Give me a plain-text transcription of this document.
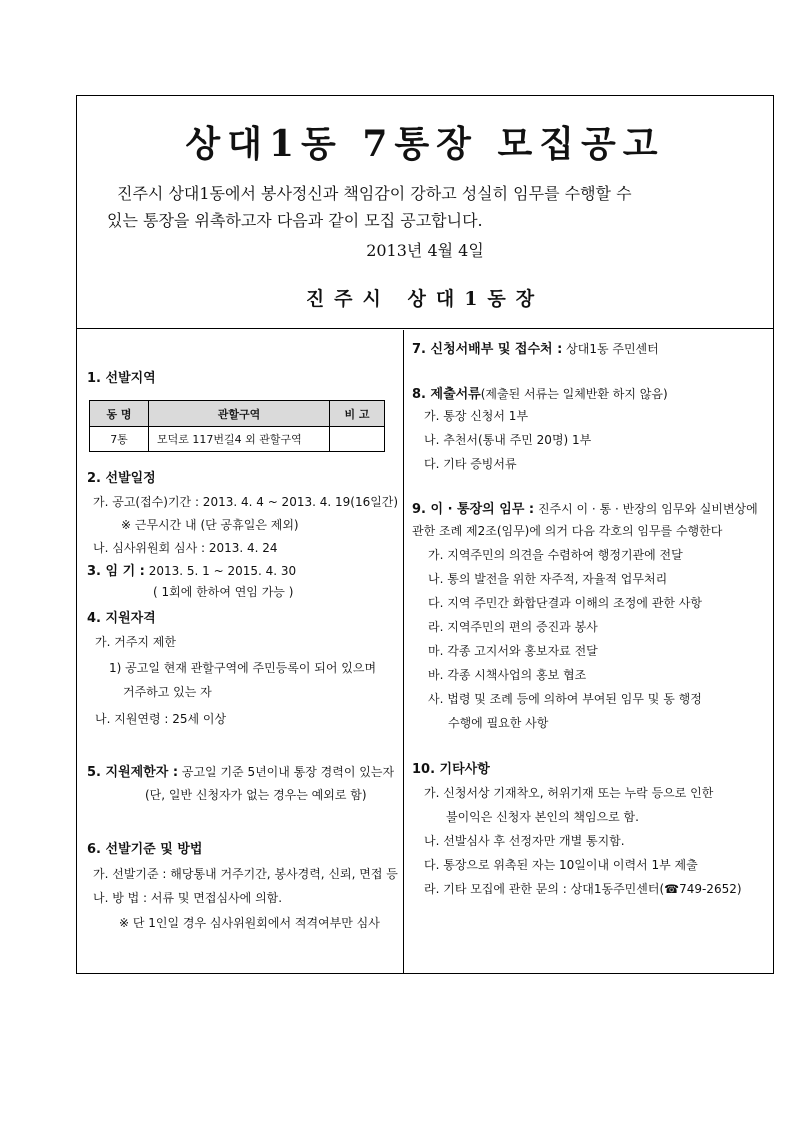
상대1동 7통장 모집공고
진주시 상대1동에서 봉사정신과 책임감이 강하고 성실히 임무를 수행할 수
있는 통장을 위촉하고자 다음과 같이 모집 공고합니다.
2013년 4월 4일
진주시 상대1동장
1. 선발지역
동 명	관할구역	비 고
7통	모덕로 117번길4 외 관할구역	
2. 선발일정
가. 공고(접수)기간 : 2013. 4. 4 ~ 2013. 4. 19(16일간)
※ 근무시간 내 (단 공휴일은 제외)
나. 심사위원회 심사 : 2013. 4. 24
3. 임 기 : 2013. 5. 1 ~ 2015. 4. 30
( 1회에 한하여 연임 가능 )
4. 지원자격
가. 거주지 제한
1) 공고일 현재 관할구역에 주민등록이 되어 있으며
거주하고 있는 자
나. 지원연령 : 25세 이상
5. 지원제한자 : 공고일 기준 5년이내 통장 경력이 있는자
(단, 일반 신청자가 없는 경우는 예외로 함)
6. 선발기준 및 방법
가. 선발기준 : 해당통내 거주기간, 봉사경력, 신뢰, 면접 등
나. 방 법 : 서류 및 면접심사에 의함.
※ 단 1인일 경우 심사위원회에서 적격여부만 심사
7. 신청서배부 및 접수처 : 상대1동 주민센터
8. 제출서류(제출된 서류는 일체반환 하지 않음)
가. 통장 신청서 1부
나. 추천서(통내 주민 20명) 1부
다. 기타 증빙서류
9. 이 · 통장의 임무 : 진주시 이 · 통 · 반장의 임무와 실비변상에
관한 조례 제2조(임무)에 의거 다음 각호의 임무를 수행한다
가. 지역주민의 의견을 수렴하여 행정기관에 전달
나. 통의 발전을 위한 자주적, 자율적 업무처리
다. 지역 주민간 화합단결과 이해의 조정에 관한 사항
라. 지역주민의 편의 증진과 봉사
마. 각종 고지서와 홍보자료 전달
바. 각종 시책사업의 홍보 협조
사. 법령 및 조례 등에 의하여 부여된 임무 및 동 행정
수행에 필요한 사항
10. 기타사항
가. 신청서상 기재착오, 허위기재 또는 누락 등으로 인한
불이익은 신청자 본인의 책임으로 함.
나. 선발심사 후 선정자만 개별 통지함.
다. 통장으로 위촉된 자는 10일이내 이력서 1부 제출
라. 기타 모집에 관한 문의 : 상대1동주민센터(☎749-2652)
